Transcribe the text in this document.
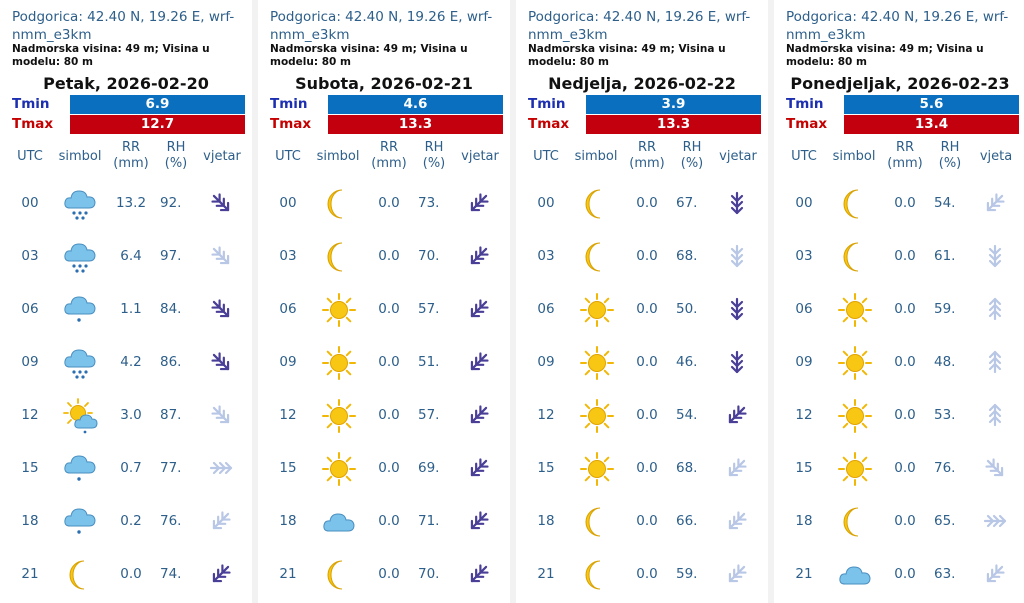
Podgorica: 42.40 N, 19.26 E, wrf-nmm_e3km
Nadmorska visina: 49 m; Visina u modelu: 80 m
Petak, 2026-02-20
Tmin	6.9
Tmax	12.7
UTC	simbol
RR
(mm)
RH
(%)	vjetar
00	13.2	92.
03	6.4	97.
06	1.1	84.
09	4.2	86.
12	3.0	87.
15	0.7	77.
18	0.2	76.
21	0.0	74.
Podgorica: 42.40 N, 19.26 E, wrf-nmm_e3km
Nadmorska visina: 49 m; Visina u modelu: 80 m
Subota, 2026-02-21
Tmin	4.6
Tmax	13.3
UTC	simbol
RR
(mm)
RH
(%)	vjetar
00	0.0	73.
03	0.0	70.
06	0.0	57.
09	0.0	51.
12	0.0	57.
15	0.0	69.
18	0.0	71.
21	0.0	70.
Podgorica: 42.40 N, 19.26 E, wrf-nmm_e3km
Nadmorska visina: 49 m; Visina u modelu: 80 m
Nedjelja, 2026-02-22
Tmin	3.9
Tmax	13.3
UTC	simbol
RR
(mm)
RH
(%)	vjetar
00	0.0	67.
03	0.0	68.
06	0.0	50.
09	0.0	46.
12	0.0	54.
15	0.0	68.
18	0.0	66.
21	0.0	59.
Podgorica: 42.40 N, 19.26 E, wrf-nmm_e3km
Nadmorska visina: 49 m; Visina u modelu: 80 m
Ponedjeljak, 2026-02-23
Tmin	5.6
Tmax	13.4
UTC	simbol
RR
(mm)
RH
(%)	vjeta
00	0.0	54.
03	0.0	61.
06	0.0	59.
09	0.0	48.
12	0.0	53.
15	0.0	76.
18	0.0	65.
21	0.0	63.
